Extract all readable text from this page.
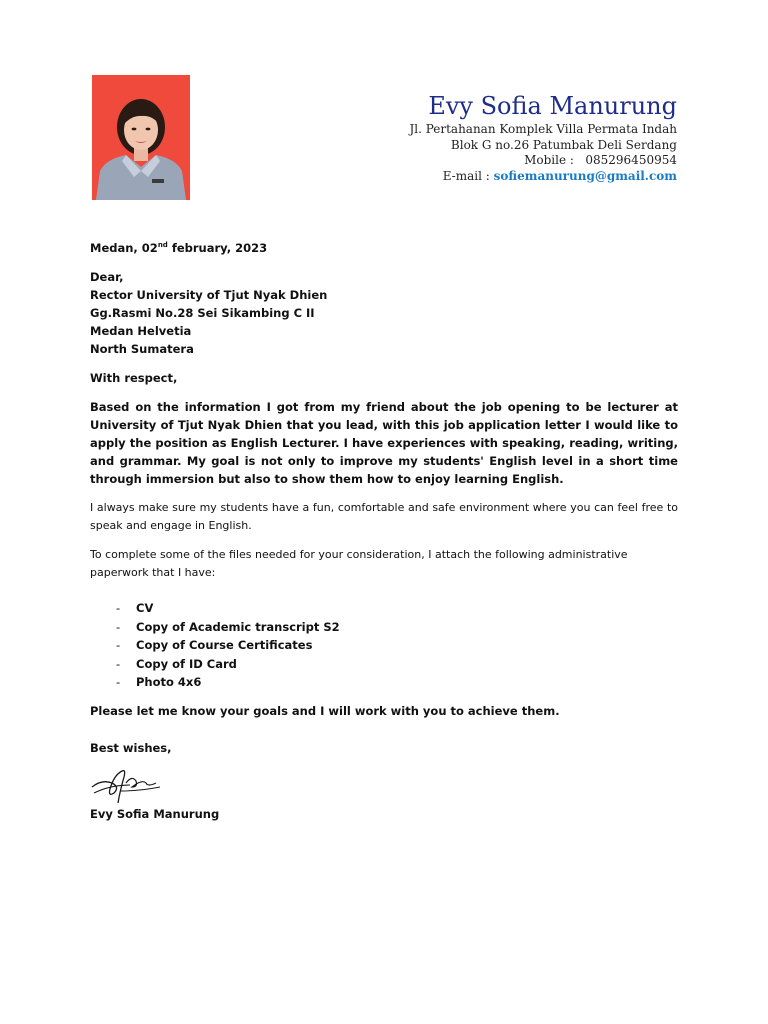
Evy Sofia Manurung
Jl. Pertahanan Komplek Villa Permata Indah
Blok G no.26 Patumbak Deli Serdang
Mobile : 085296450954
E-mail : sofiemanurung@gmail.com

Medan, 02nd february, 2023

Dear,

Rector University of Tjut Nyak Dhien

Gg.Rasmi No.28 Sei Sikambing C II

Medan Helvetia

North Sumatera

With respect,

Based on the information I got from my friend about the job opening to be lecturer at University of Tjut Nyak Dhien that you lead, with this job application letter I would like to apply the position as English Lecturer. I have experiences with speaking, reading, writing, and grammar. My goal is not only to improve my students' English level in a short time through immersion but also to show them how to enjoy learning English.

I always make sure my students have a fun, comfortable and safe environment where you can feel free to speak and engage in English.

To complete some of the files needed for your consideration, I attach the following administrative paperwork that I have:

- CV
- Copy of Academic transcript S2
- Copy of Course Certificates
- Copy of ID Card
- Photo 4x6

Please let me know your goals and I will work with you to achieve them.

Best wishes,

Evy Sofia Manurung
